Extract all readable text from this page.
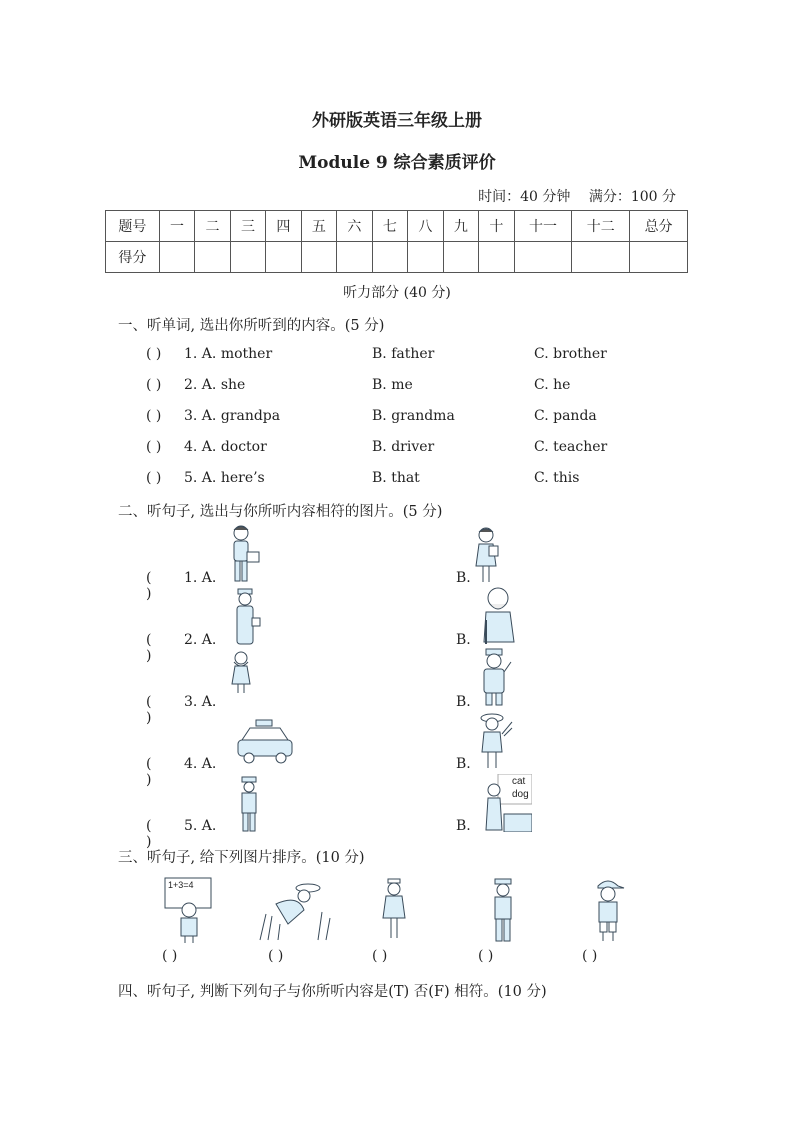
外研版英语三年级上册
Module 9 综合素质评价
时间：40 分钟 满分：100 分
题号	一	二	三	四	五	六	七	八	九	十	十一	十二	总分
得分													
听力部分 (40 分)
一、听单词, 选出你所听到的内容。(5 分)
( )	1. A. mother	B. father	C. brother
( )	2. A. she	B. me	C. he
( )	3. A. grandpa	B. grandma	C. panda
( )	4. A. doctor	B. driver	C. teacher
( )	5. A. here’s	B. that	C. this
二、听句子, 选出与你所听内容相符的图片。(5 分)
( )
1. A.	B.
( )
2. A.	B.
( )
3. A.	B.
( )
4. A.	B.
( )
5. A.	B.
cat
dog
三、听句子, 给下列图片排序。(10 分)
1+3=4
( )	( )	( )	( )	( )
四、听句子, 判断下列句子与你所听内容是(T) 否(F) 相符。(10 分)
